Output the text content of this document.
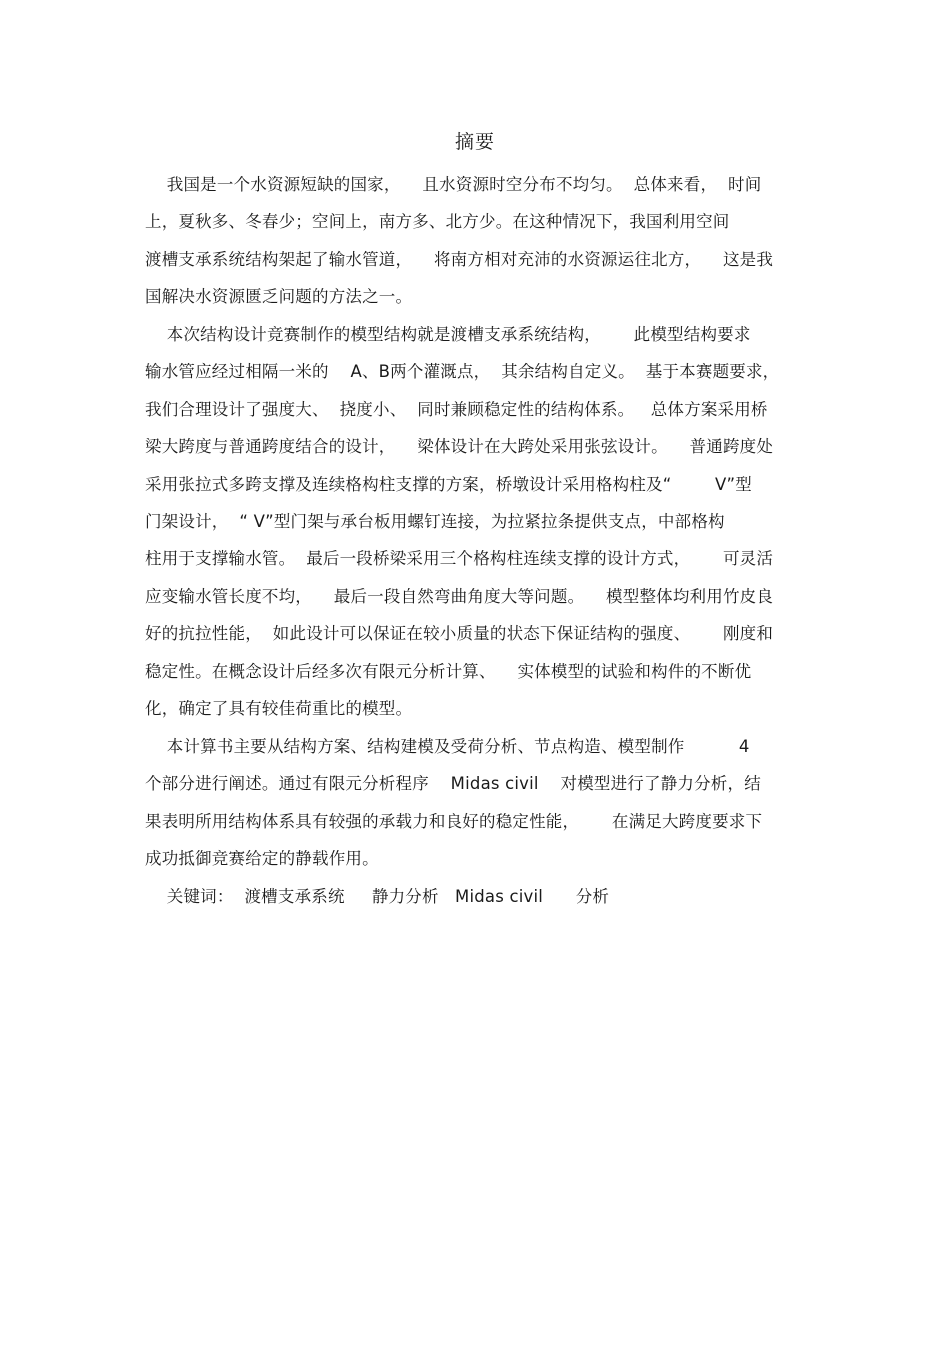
摘要
我国是一个水资源短缺的国家，    且水资源时空分布不均匀。  总体来看，  时间
上，夏秋多、冬春少；空间上，南方多、北方少。在这种情况下，我国利用空间
渡槽支承系统结构架起了输水管道，    将南方相对充沛的水资源运往北方，    这是我
国解决水资源匮乏问题的方法之一。
本次结构设计竞赛制作的模型结构就是渡槽支承系统结构，      此模型结构要求
输水管应经过相隔一米的    A、B两个灌溉点，  其余结构自定义。  基于本赛题要求，
我们合理设计了强度大、  挠度小、  同时兼顾稳定性的结构体系。   总体方案采用桥
梁大跨度与普通跨度结合的设计，    梁体设计在大跨处采用张弦设计。    普通跨度处
采用张拉式多跨支撑及连续格构柱支撑的方案，桥墩设计采用格构柱及“        V”型
门架设计，  “ V”型门架与承台板用螺钉连接，为拉紧拉条提供支点，中部格构
柱用于支撑输水管。  最后一段桥梁采用三个格构柱连续支撑的设计方式，      可灵活
应变输水管长度不均，    最后一段自然弯曲角度大等问题。    模型整体均利用竹皮良
好的抗拉性能，  如此设计可以保证在较小质量的状态下保证结构的强度、      刚度和
稳定性。在概念设计后经多次有限元分析计算、    实体模型的试验和构件的不断优
化，确定了具有较佳荷重比的模型。
本计算书主要从结构方案、结构建模及受荷分析、节点构造、模型制作          4
个部分进行阐述。通过有限元分析程序    Midas civil    对模型进行了静力分析，结
果表明所用结构体系具有较强的承载力和良好的稳定性能，      在满足大跨度要求下
成功抵御竞赛给定的静载作用。
关键词：  渡槽支承系统     静力分析   Midas civil      分析
